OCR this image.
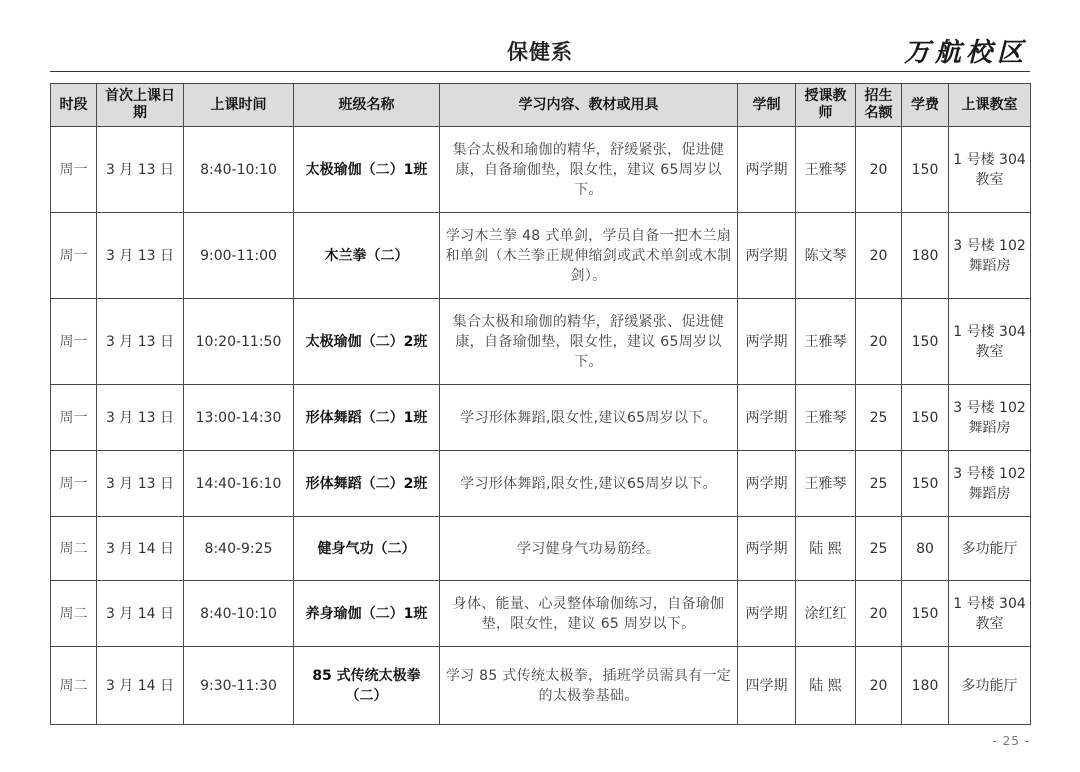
保健系	万航校区
时段	首次上课日期	上课时间	班级名称	学习内容、教材或用具	学制	授课教师	招生名额	学费	上课教室
周一	3 月 13 日	8:40-10:10	太极瑜伽（二）1班	集合太极和瑜伽的精华，舒缓紧张，促进健康，自备瑜伽垫，限女性，建议 65周岁以下。	两学期	王雅琴	20	150	1 号楼 304 教室
周一	3 月 13 日	9:00-11:00	木兰拳（二）	学习木兰拳 48 式单剑，学员自备一把木兰扇和单剑（木兰拳正规伸缩剑或武术单剑或木制剑）。	两学期	陈文琴	20	180	3 号楼 102 舞蹈房
周一	3 月 13 日	10:20-11:50	太极瑜伽（二）2班	集合太极和瑜伽的精华，舒缓紧张、促进健康，自备瑜伽垫，限女性，建议 65周岁以下。	两学期	王雅琴	20	150	1 号楼 304 教室
周一	3 月 13 日	13:00-14:30	形体舞蹈（二）1班	学习形体舞蹈,限女性,建议65周岁以下。	两学期	王雅琴	25	150	3 号楼 102 舞蹈房
周一	3 月 13 日	14:40-16:10	形体舞蹈（二）2班	学习形体舞蹈,限女性,建议65周岁以下。	两学期	王雅琴	25	150	3 号楼 102 舞蹈房
周二	3 月 14 日	8:40-9:25	健身气功（二）	学习健身气功易筋经。	两学期	陆 熙	25	80	多功能厅
周二	3 月 14 日	8:40-10:10	养身瑜伽（二）1班	身体、能量、心灵整体瑜伽练习，自备瑜伽垫，限女性，建议 65 周岁以下。	两学期	涂红红	20	150	1 号楼 304 教室
周二	3 月 14 日	9:30-11:30	85 式传统太极拳（二）	学习 85 式传统太极拳，插班学员需具有一定的太极拳基础。	四学期	陆 熙	20	180	多功能厅
- 25 -
